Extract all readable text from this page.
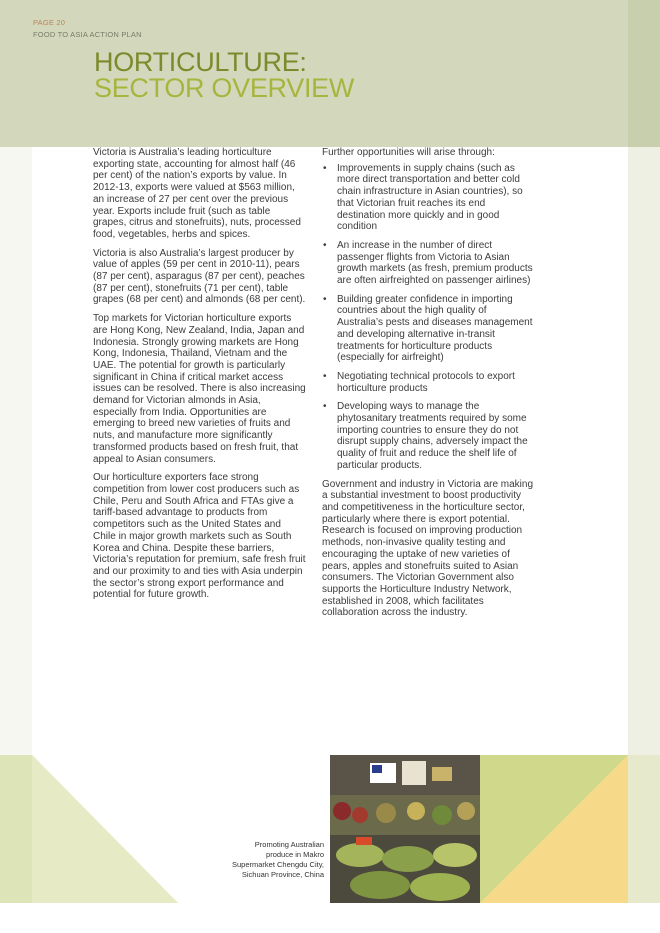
PAGE 20
FOOD TO ASIA ACTION PLAN
HORTICULTURE:
SECTOR OVERVIEW

Victoria is Australia’s leading horticulture exporting state, accounting for almost half (46 per cent) of the nation’s exports by value. In 2012-13, exports were valued at $563 million, an increase of 27 per cent over the previous year. Exports include fruit (such as table grapes, citrus and stonefruits), nuts, processed food, vegetables, herbs and spices.

Victoria is also Australia’s largest producer by value of apples (59 per cent in 2010-11), pears (87 per cent), asparagus (87 per cent), peaches (87 per cent), stonefruits (71 per cent), table grapes (68 per cent) and almonds (68 per cent).

Top markets for Victorian horticulture exports are Hong Kong, New Zealand, India, Japan and Indonesia. Strongly growing markets are Hong Kong, Indonesia, Thailand, Vietnam and the UAE. The potential for growth is particularly significant in China if critical market access issues can be resolved. There is also increasing demand for Victorian almonds in Asia, especially from India. Opportunities are emerging to breed new varieties of fruits and nuts, and manufacture more significantly transformed products based on fresh fruit, that appeal to Asian consumers.

Our horticulture exporters face strong competition from lower cost producers such as Chile, Peru and South Africa and FTAs give a tariff-based advantage to products from competitors such as the United States and Chile in major growth markets such as South Korea and China. Despite these barriers, Victoria’s reputation for premium, safe fresh fruit and our proximity to and ties with Asia underpin the sector’s strong export performance and potential for future growth.

Further opportunities will arise through:

• Improvements in supply chains (such as more direct transportation and better cold chain infrastructure in Asian countries), so that Victorian fruit reaches its end destination more quickly and in good condition
• An increase in the number of direct passenger flights from Victoria to Asian growth markets (as fresh, premium products are often airfreighted on passenger airlines)
• Building greater confidence in importing countries about the high quality of Australia’s pests and diseases management and developing alternative in-transit treatments for horticulture products (especially for airfreight)
• Negotiating technical protocols to export horticulture products
• Developing ways to manage the phytosanitary treatments required by some importing countries to ensure they do not disrupt supply chains, adversely impact the quality of fruit and reduce the shelf life of particular products.

Government and industry in Victoria are making a substantial investment to boost productivity and competitiveness in the horticulture sector, particularly where there is export potential. Research is focused on improving production methods, non-invasive quality testing and encouraging the uptake of new varieties of pears, apples and stonefruits suited to Asian consumers. The Victorian Government also supports the Horticulture Industry Network, established in 2008, which facilitates collaboration across the industry.

Promoting Australian produce in Makro Supermarket Chengdu City, Sichuan Province, China
